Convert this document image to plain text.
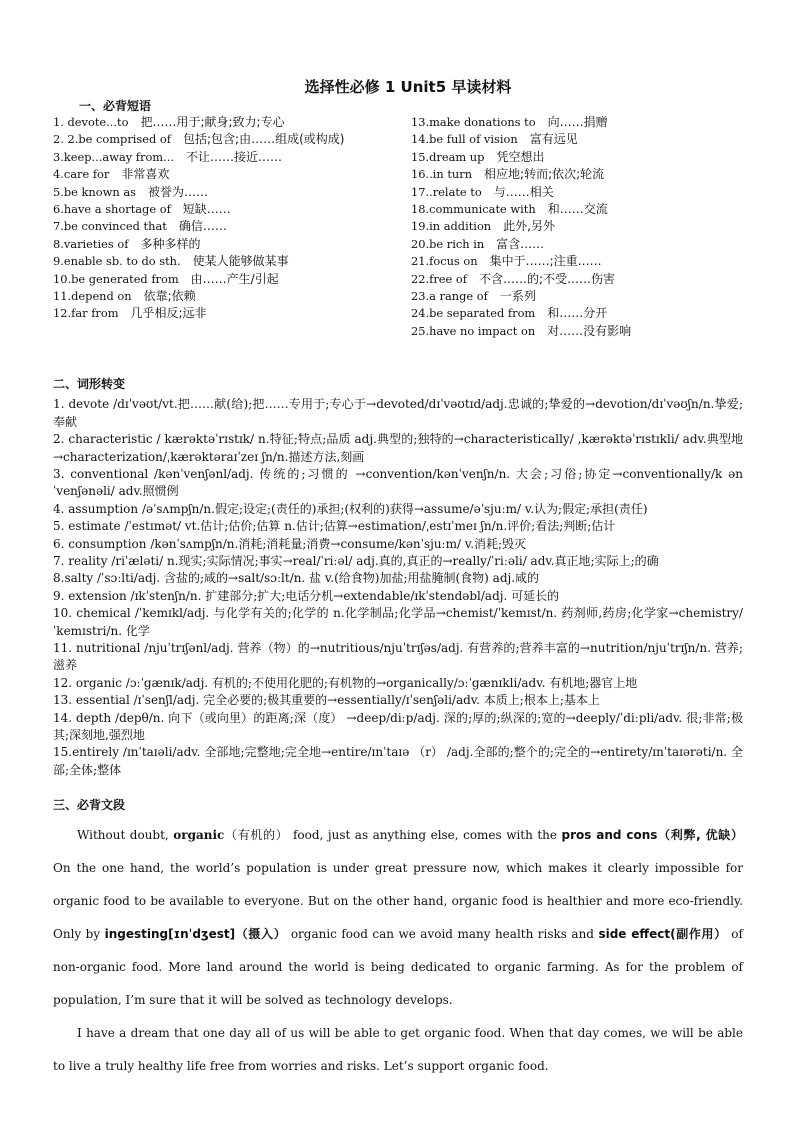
选择性必修 1 Unit5 早读材料
一、必背短语
1. devote...to 把……用于;献身;致力;专心
2. 2.be comprised of 包括;包含;由……组成(或构成)
3.keep...away from... 不让……接近……
4.care for 非常喜欢
5.be known as 被誉为……
6.have a shortage of 短缺……
7.be convinced that 确信……
8.varieties of 多种多样的
9.enable sb. to do sth. 使某人能够做某事
10.be generated from 由……产生/引起
11.depend on 依靠;依赖
12.far from 几乎相反;远非
13.make donations to 向……捐赠
14.be full of vision 富有远见
15.dream up 凭空想出
16..in turn 相应地;转而;依次;轮流
17..relate to 与……相关
18.communicate with 和……交流
19.in addition 此外,另外
20.be rich in 富含……
21.focus on 集中于……;注重……
22.free of 不含……的;不受……伤害
23.a range of 一系列
24.be separated from 和……分开
25.have no impact on 对……没有影响
二、词形转变
1. devote /dɪˈvəʊt/vt.把……献(给);把……专用于;专心于→devoted/dɪˈvəʊtɪd/adj.忠诚的;挚爱的→devotion/dɪˈvəʊʃn/n.挚爱;奉献
2. characteristic / kærəktəˈrɪstɪk/ n.特征;特点;品质 adj.典型的;独特的→characteristically/ ,kærəktəˈrɪstɪkli/ adv.典型地→characterization/ˌkærəktəraɪˈzeɪ ʃn/n.描述方法,刻画
3. conventional /kənˈvenʃənl/adj. 传统的;习惯的 →convention/kənˈvenʃn/n. 大会;习俗;协定→conventionally/k ənˈvenʃənəli/ adv.照惯例
4. assumption /əˈsʌmpʃn/n.假定;设定;(责任的)承担;(权利的)获得→assume/əˈsjuːm/ v.认为;假定;承担(责任)
5. estimate /ˈestɪmət/ vt.估计;估价;估算 n.估计;估算→estimation/ˌestɪˈmeɪ ʃn/n.评价;看法;判断;估计
6. consumption /kənˈsʌmpʃn/n.消耗;消耗量;消费→consume/kənˈsjuːm/ v.消耗;毁灭
7. reality /riˈæləti/ n.现实;实际情况;事实→real/ˈriːəl/ adj.真的,真正的→really/ˈriːəli/ adv.真正地;实际上;的确
8.salty /ˈsɔːlti/adj. 含盐的;咸的→salt/sɔːlt/n. 盐 v.(给食物)加盐;用盐腌制(食物) adj.咸的
9. extension /ɪkˈstenʃn/n. 扩建部分;扩大;电话分机→extendable/ɪkˈstendəbl/adj. 可延长的
10. chemical /ˈkemɪkl/adj. 与化学有关的;化学的 n.化学制品;化学品→chemist/ˈkemɪst/n. 药剂师,药房;化学家→chemistry/ˈkemɪstri/n. 化学
11. nutritional /njuˈtrɪʃənl/adj. 营养（物）的→nutritious/njuˈtrɪʃəs/adj. 有营养的;营养丰富的→nutrition/njuˈtrɪʃn/n. 营养;滋养
12. organic /ɔːˈgænɪk/adj. 有机的;不使用化肥的;有机物的→organically/ɔːˈgænɪkli/adv. 有机地;器官上地
13. essential /ɪˈsenʃl/adj. 完全必要的;极其重要的→essentially/ɪˈsenʃəli/adv. 本质上;根本上;基本上
14. depth /depθ/n. 向下（或向里）的距离;深（度） →deep/diːp/adj. 深的;厚的;纵深的;宽的→deeply/ˈdiːpli/adv. 很;非常;极其;深刻地,强烈地
15.entirely /ɪnˈtaɪəli/adv. 全部地;完整地;完全地→entire/ɪnˈtaɪə （r） /adj.全部的;整个的;完全的→entirety/ɪnˈtaɪərəti/n. 全部;全体;整体
三、必背文段
Without doubt, organic（有机的） food, just as anything else, comes with the pros and cons（利弊, 优缺） On the one hand, the world’s population is under great pressure now, which makes it clearly impossible for organic food to be available to everyone. But on the other hand, organic food is healthier and more eco-friendly. Only by ingesting[ɪnˈdʒest]（摄入） organic food can we avoid many health risks and side effect(副作用） of non-organic food. More land around the world is being dedicated to organic farming. As for the problem of population, I’m sure that it will be solved as technology develops.
I have a dream that one day all of us will be able to get organic food. When that day comes, we will be able to live a truly healthy life free from worries and risks. Let’s support organic food.
